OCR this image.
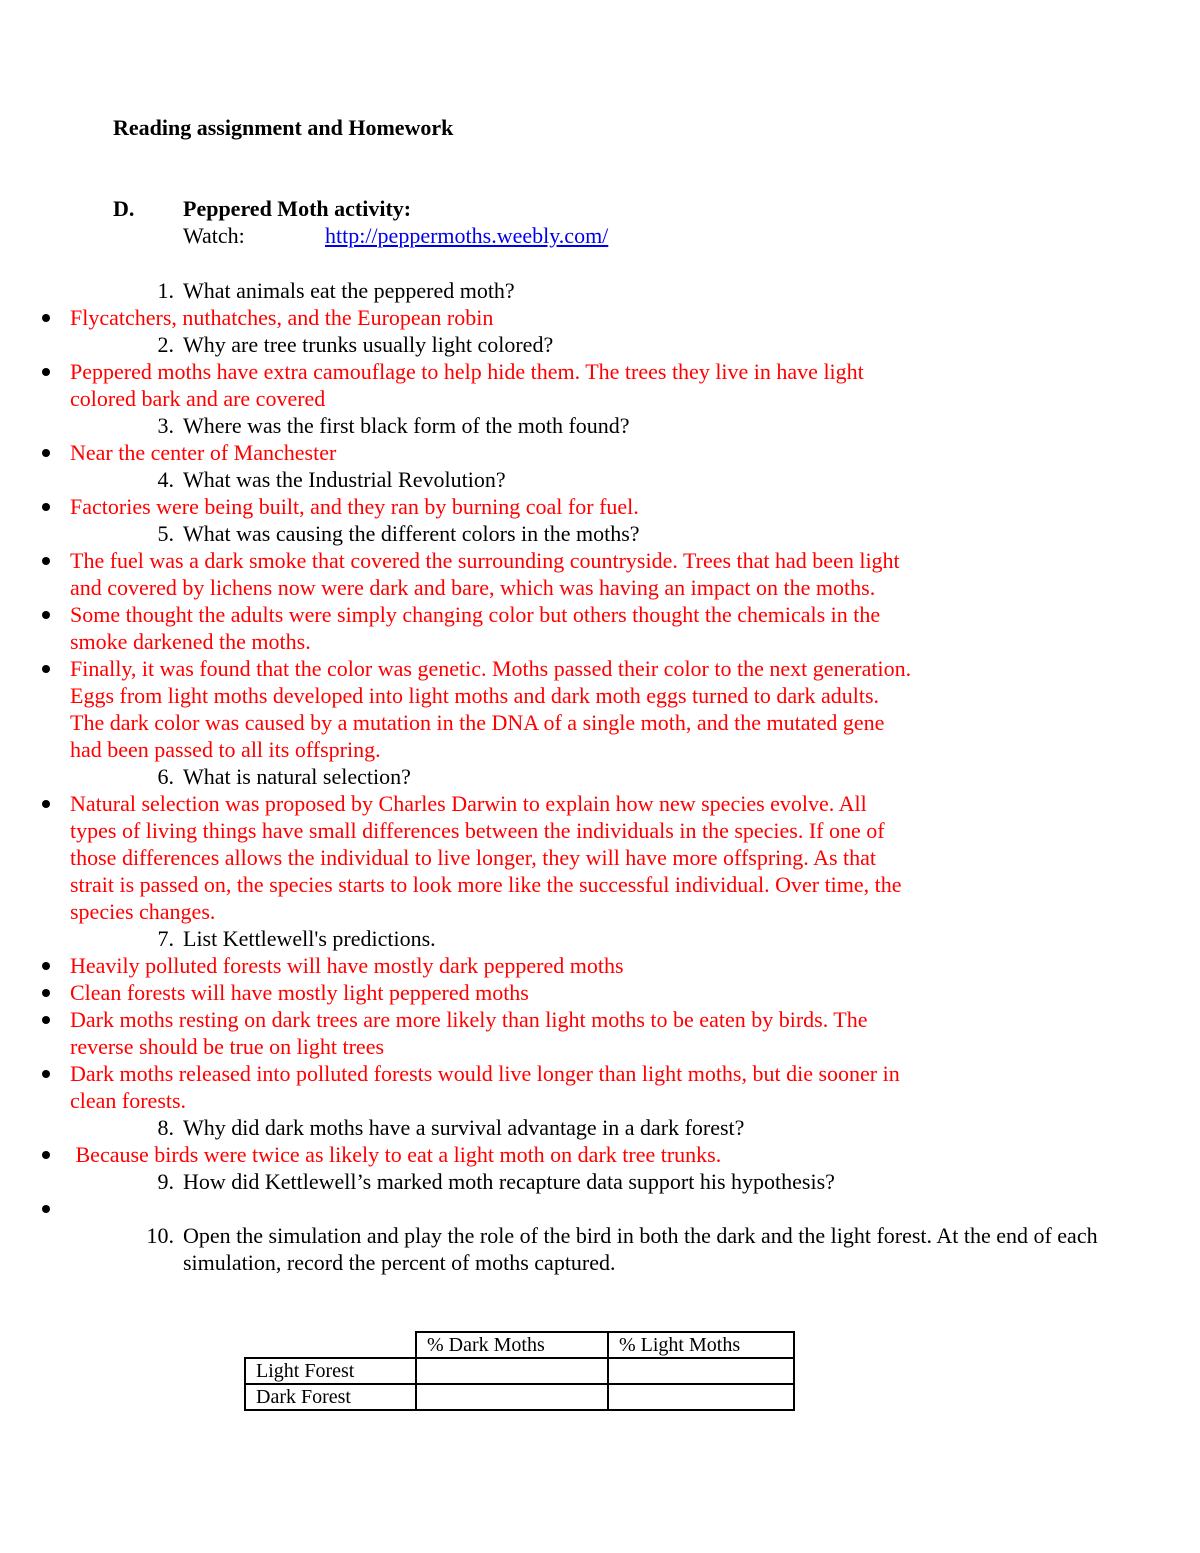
Reading assignment and Homework
D. Peppered Moth activity:
Watch:	http://peppermoths.weebly.com/
1. What animals eat the peppered moth?
Flycatchers, nuthatches, and the European robin
2. Why are tree trunks usually light colored?
Peppered moths have extra camouflage to help hide them. The trees they live in have light colored bark and are covered
3. Where was the first black form of the moth found?
Near the center of Manchester
4. What was the Industrial Revolution?
Factories were being built, and they ran by burning coal for fuel.
5. What was causing the different colors in the moths?
The fuel was a dark smoke that covered the surrounding countryside. Trees that had been light and covered by lichens now were dark and bare, which was having an impact on the moths.
Some thought the adults were simply changing color but others thought the chemicals in the smoke darkened the moths.
Finally, it was found that the color was genetic. Moths passed their color to the next generation. Eggs from light moths developed into light moths and dark moth eggs turned to dark adults. The dark color was caused by a mutation in the DNA of a single moth, and the mutated gene had been passed to all its offspring.
6. What is natural selection?
Natural selection was proposed by Charles Darwin to explain how new species evolve. All types of living things have small differences between the individuals in the species. If one of those differences allows the individual to live longer, they will have more offspring. As that strait is passed on, the species starts to look more like the successful individual. Over time, the species changes.
7. List Kettlewell's predictions.
Heavily polluted forests will have mostly dark peppered moths
Clean forests will have mostly light peppered moths
Dark moths resting on dark trees are more likely than light moths to be eaten by birds. The reverse should be true on light trees
Dark moths released into polluted forests would live longer than light moths, but die sooner in clean forests.
8. Why did dark moths have a survival advantage in a dark forest?
Because birds were twice as likely to eat a light moth on dark tree trunks.
9. How did Kettlewell’s marked moth recapture data support his hypothesis?

10. Open the simulation and play the role of the bird in both the dark and the light forest. At the end of each simulation, record the percent of moths captured.
	% Dark Moths	% Light Moths
Light Forest		
Dark Forest		
